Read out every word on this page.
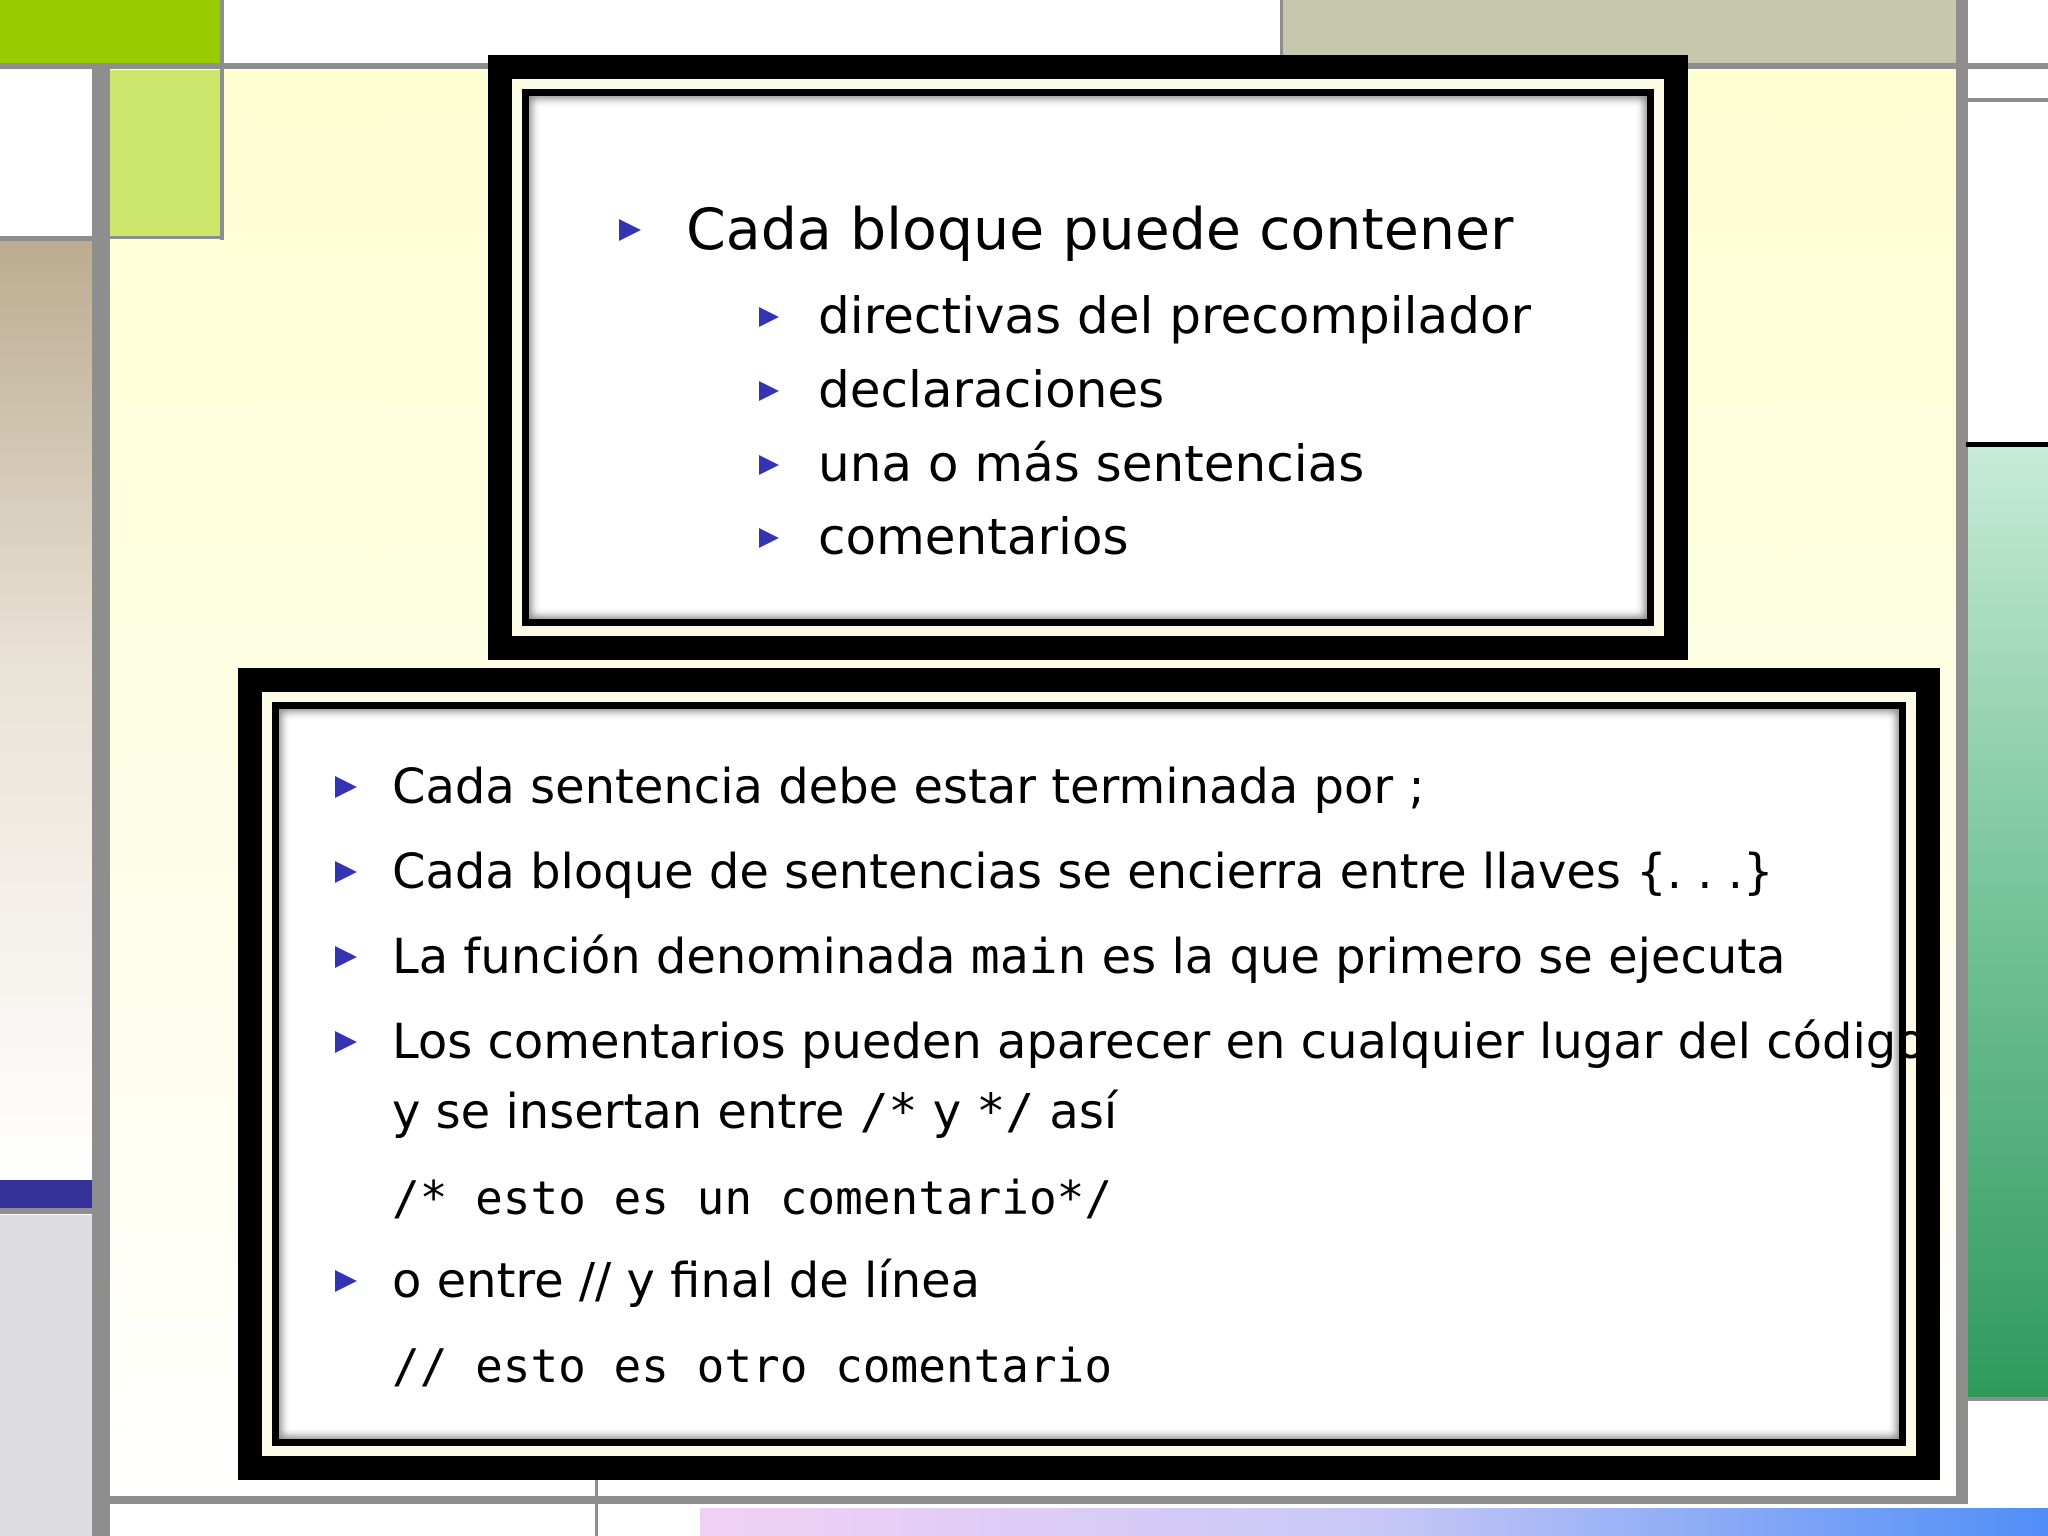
Cada bloque puede contener
directivas del precompilador
declaraciones
una o más sentencias
comentarios
Cada sentencia debe estar terminada por ;
Cada bloque de sentencias se encierra entre llaves {. . .}
La función denominada main es la que primero se ejecuta
Los comentarios pueden aparecer en cualquier lugar del código
y se insertan entre /* y */ así
/* esto es un comentario*/
o entre // y final de línea
// esto es otro comentario
